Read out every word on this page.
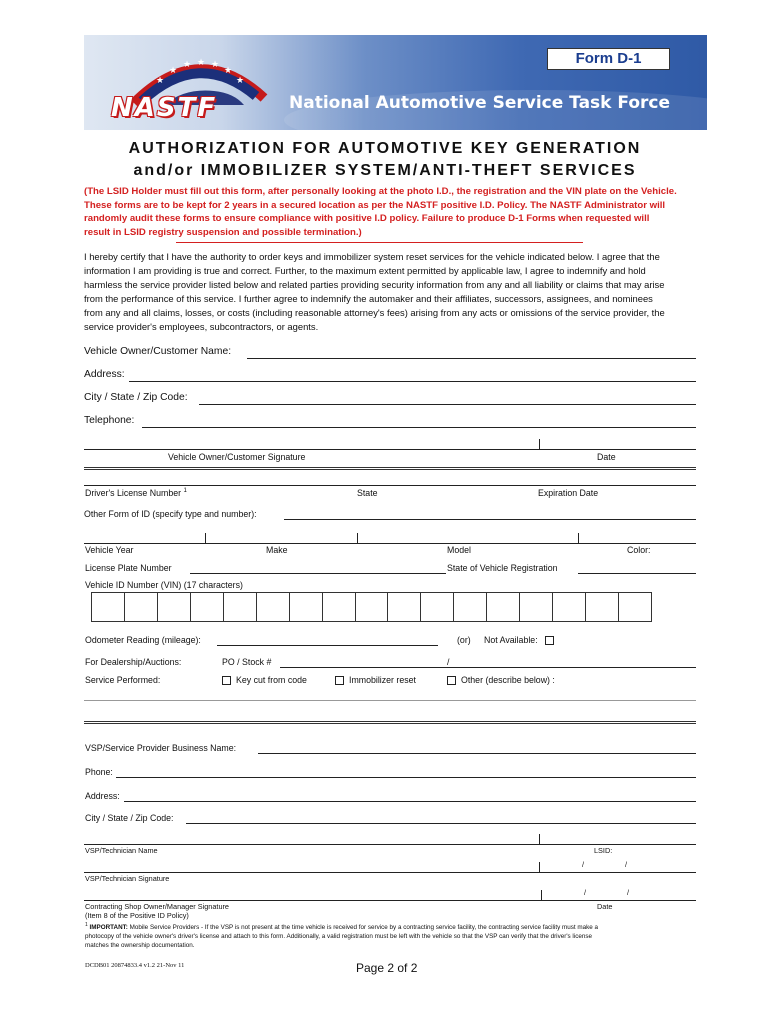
★
★
★ ★ ★
★
★
NASTF	National Automotive Service Task Force
Form D-1
AUTHORIZATION FOR AUTOMOTIVE KEY GENERATION
and/or IMMOBILIZER SYSTEM/ANTI-THEFT SERVICES
(The LSID Holder must fill out this form, after personally looking at the photo I.D., the registration and the VIN plate on the Vehicle.
These forms are to be kept for 2 years in a secured location as per the NASTF positive I.D. Policy. The NASTF Administrator will
randomly audit these forms to ensure compliance with positive I.D policy. Failure to produce D-1 Forms when requested will
result in LSID registry suspension and possible termination.)
I hereby certify that I have the authority to order keys and immobilizer system reset services for the vehicle indicated below. I agree that the
information I am providing is true and correct. Further, to the maximum extent permitted by applicable law, I agree to indemnify and hold
harmless the service provider listed below and related parties providing security information from any and all liability or claims that may arise
from the performance of this service. I further agree to indemnify the automaker and their affiliates, successors, assignees, and nominees
from any and all claims, losses, or costs (including reasonable attorney's fees) arising from any acts or omissions of the service provider, the
service provider's employees, subcontractors, or agents.
Vehicle Owner/Customer Name:
Address:
City / State / Zip Code:
Telephone:
Vehicle Owner/Customer Signature	Date
Driver's License Number $^1$	State	Expiration Date
Other Form of ID (specify type and number):
Vehicle Year	Make	Model	Color:
License Plate Number	State of Vehicle Registration
Vehicle ID Number (VIN) (17 characters)
Odometer Reading (mileage):	(or) Not Available:
For Dealership/Auctions:	PO / Stock #	/
Service Performed:	Key cut from code	Immobilizer reset	Other (describe below) :
VSP/Service Provider Business Name:
Phone:
Address:
City / State / Zip Code:
VSP/Technician Name	LSID:
/	/
VSP/Technician Signature
/	/
Contracting Shop Owner/Manager Signature	Date
(Item 8 of the Positive ID Policy)
$^1$ IMPORTANT: Mobile Service Providers - If the VSP is not present at the time vehicle is received for service by a contracting service facility, the contracting service facility must make a
photocopy of the vehicle owner's driver's license and attach to this form. Additionally, a valid registration must be left with the vehicle so that the VSP can verify that the driver's license
matches the ownership documentation.
DCDB01 20874833.4 v1.2 21-Nov 11	Page 2 of 2
